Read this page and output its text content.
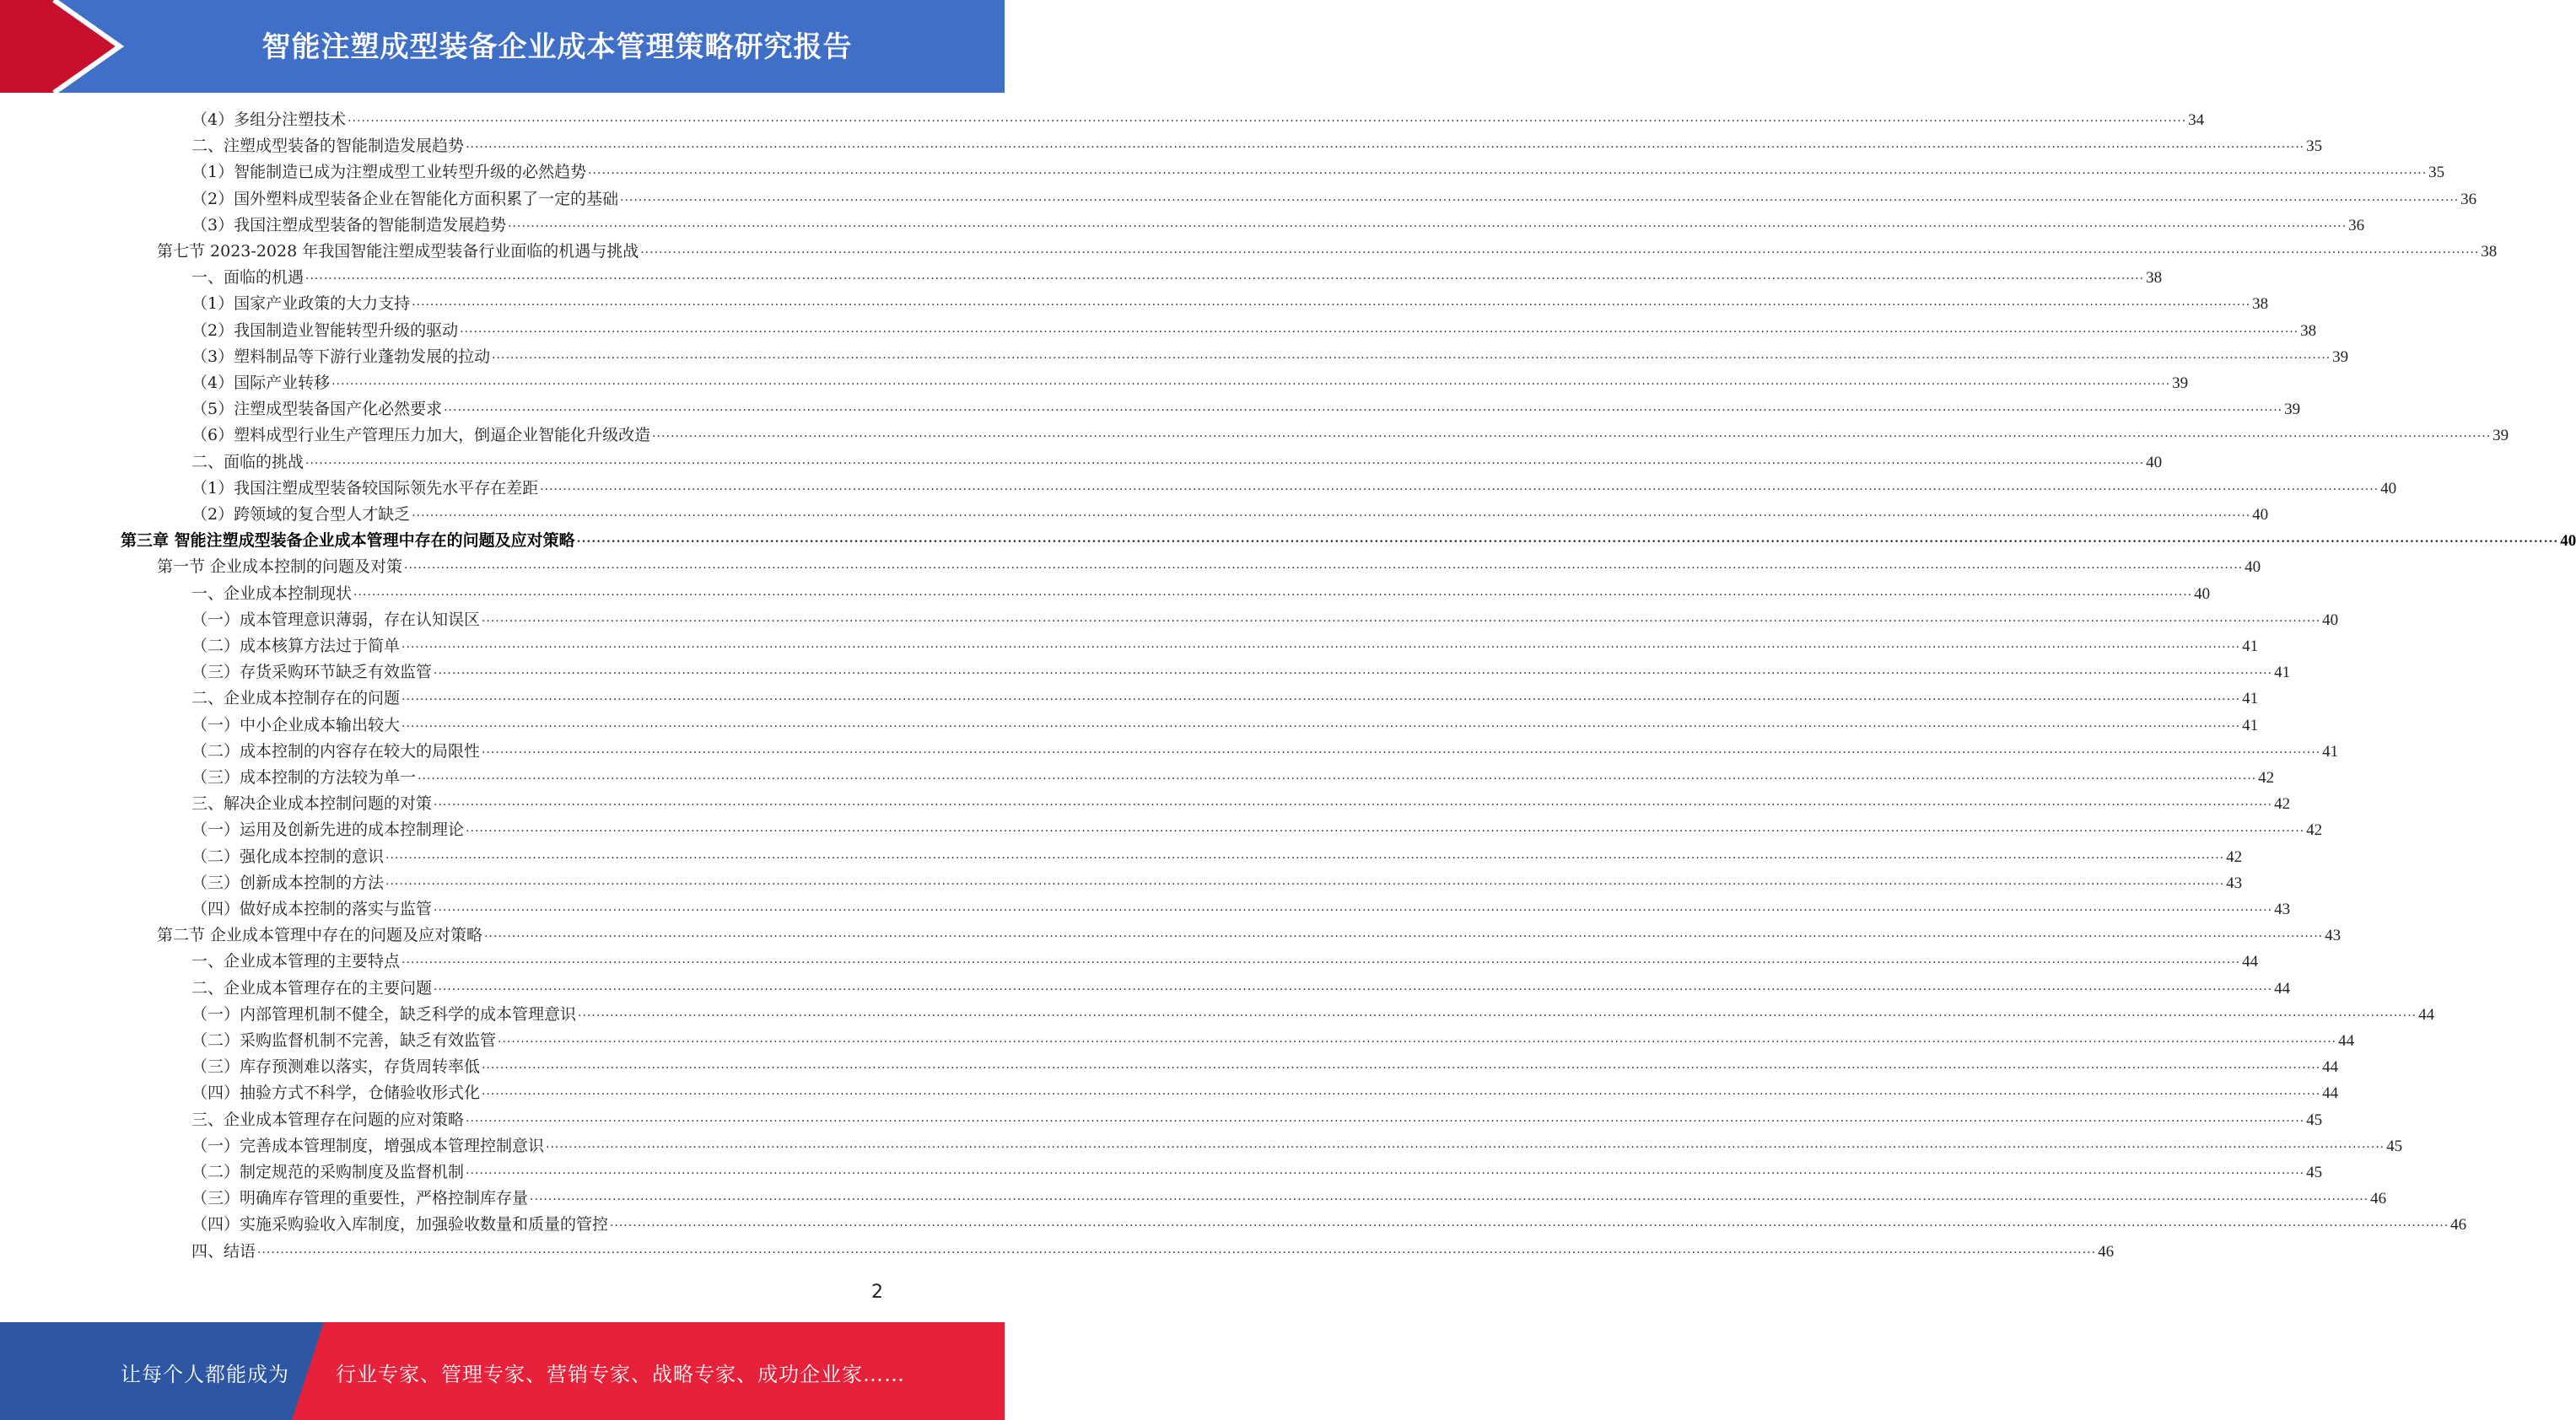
智能注塑成型装备企业成本管理策略研究报告
（4）多组分注塑技术 ................................................................................................................................................................................................................................................................................................................................................................................................................ 34
二、注塑成型装备的智能制造发展趋势 ................................................................................................................................................................................................................................................................................................................................................................................................................ 35
（1）智能制造已成为注塑成型工业转型升级的必然趋势 ................................................................................................................................................................................................................................................................................................................................................................................................................ 35
（2）国外塑料成型装备企业在智能化方面积累了一定的基础 ................................................................................................................................................................................................................................................................................................................................................................................................................ 36
（3）我国注塑成型装备的智能制造发展趋势 ................................................................................................................................................................................................................................................................................................................................................................................................................ 36
第七节 2023-2028 年我国智能注塑成型装备行业面临的机遇与挑战 ................................................................................................................................................................................................................................................................................................................................................................................................................ 38
一、面临的机遇 ................................................................................................................................................................................................................................................................................................................................................................................................................ 38
（1）国家产业政策的大力支持 ................................................................................................................................................................................................................................................................................................................................................................................................................ 38
（2）我国制造业智能转型升级的驱动 ................................................................................................................................................................................................................................................................................................................................................................................................................ 38
（3）塑料制品等下游行业蓬勃发展的拉动 ................................................................................................................................................................................................................................................................................................................................................................................................................ 39
（4）国际产业转移 ................................................................................................................................................................................................................................................................................................................................................................................................................ 39
（5）注塑成型装备国产化必然要求 ................................................................................................................................................................................................................................................................................................................................................................................................................ 39
（6）塑料成型行业生产管理压力加大，倒逼企业智能化升级改造 ................................................................................................................................................................................................................................................................................................................................................................................................................ 39
二、面临的挑战 ................................................................................................................................................................................................................................................................................................................................................................................................................ 40
（1）我国注塑成型装备较国际领先水平存在差距 ................................................................................................................................................................................................................................................................................................................................................................................................................ 40
（2）跨领域的复合型人才缺乏 ................................................................................................................................................................................................................................................................................................................................................................................................................ 40
第三章 智能注塑成型装备企业成本管理中存在的问题及应对策略 ................................................................................................................................................................................................................................................................................................................................................................................................................ 40
第一节 企业成本控制的问题及对策 ................................................................................................................................................................................................................................................................................................................................................................................................................ 40
一、企业成本控制现状 ................................................................................................................................................................................................................................................................................................................................................................................................................ 40
（一）成本管理意识薄弱，存在认知误区 ................................................................................................................................................................................................................................................................................................................................................................................................................ 40
（二）成本核算方法过于简单 ................................................................................................................................................................................................................................................................................................................................................................................................................ 41
（三）存货采购环节缺乏有效监管 ................................................................................................................................................................................................................................................................................................................................................................................................................ 41
二、企业成本控制存在的问题 ................................................................................................................................................................................................................................................................................................................................................................................................................ 41
（一）中小企业成本输出较大 ................................................................................................................................................................................................................................................................................................................................................................................................................ 41
（二）成本控制的内容存在较大的局限性 ................................................................................................................................................................................................................................................................................................................................................................................................................ 41
（三）成本控制的方法较为单一 ................................................................................................................................................................................................................................................................................................................................................................................................................ 42
三、解决企业成本控制问题的对策 ................................................................................................................................................................................................................................................................................................................................................................................................................ 42
（一）运用及创新先进的成本控制理论 ................................................................................................................................................................................................................................................................................................................................................................................................................ 42
（二）强化成本控制的意识 ................................................................................................................................................................................................................................................................................................................................................................................................................ 42
（三）创新成本控制的方法 ................................................................................................................................................................................................................................................................................................................................................................................................................ 43
（四）做好成本控制的落实与监管 ................................................................................................................................................................................................................................................................................................................................................................................................................ 43
第二节 企业成本管理中存在的问题及应对策略 ................................................................................................................................................................................................................................................................................................................................................................................................................ 43
一、企业成本管理的主要特点 ................................................................................................................................................................................................................................................................................................................................................................................................................ 44
二、企业成本管理存在的主要问题 ................................................................................................................................................................................................................................................................................................................................................................................................................ 44
（一）内部管理机制不健全，缺乏科学的成本管理意识 ................................................................................................................................................................................................................................................................................................................................................................................................................ 44
（二）采购监督机制不完善，缺乏有效监管 ................................................................................................................................................................................................................................................................................................................................................................................................................ 44
（三）库存预测难以落实，存货周转率低 ................................................................................................................................................................................................................................................................................................................................................................................................................ 44
（四）抽验方式不科学，仓储验收形式化 ................................................................................................................................................................................................................................................................................................................................................................................................................ 44
三、企业成本管理存在问题的应对策略 ................................................................................................................................................................................................................................................................................................................................................................................................................ 45
（一）完善成本管理制度，增强成本管理控制意识 ................................................................................................................................................................................................................................................................................................................................................................................................................ 45
（二）制定规范的采购制度及监督机制 ................................................................................................................................................................................................................................................................................................................................................................................................................ 45
（三）明确库存管理的重要性，严格控制库存量 ................................................................................................................................................................................................................................................................................................................................................................................................................ 46
（四）实施采购验收入库制度，加强验收数量和质量的管控 ................................................................................................................................................................................................................................................................................................................................................................................................................ 46
四、结语 ................................................................................................................................................................................................................................................................................................................................................................................................................ 46
2
让每个人都能成为 行业专家、管理专家、营销专家、战略专家、成功企业家……
